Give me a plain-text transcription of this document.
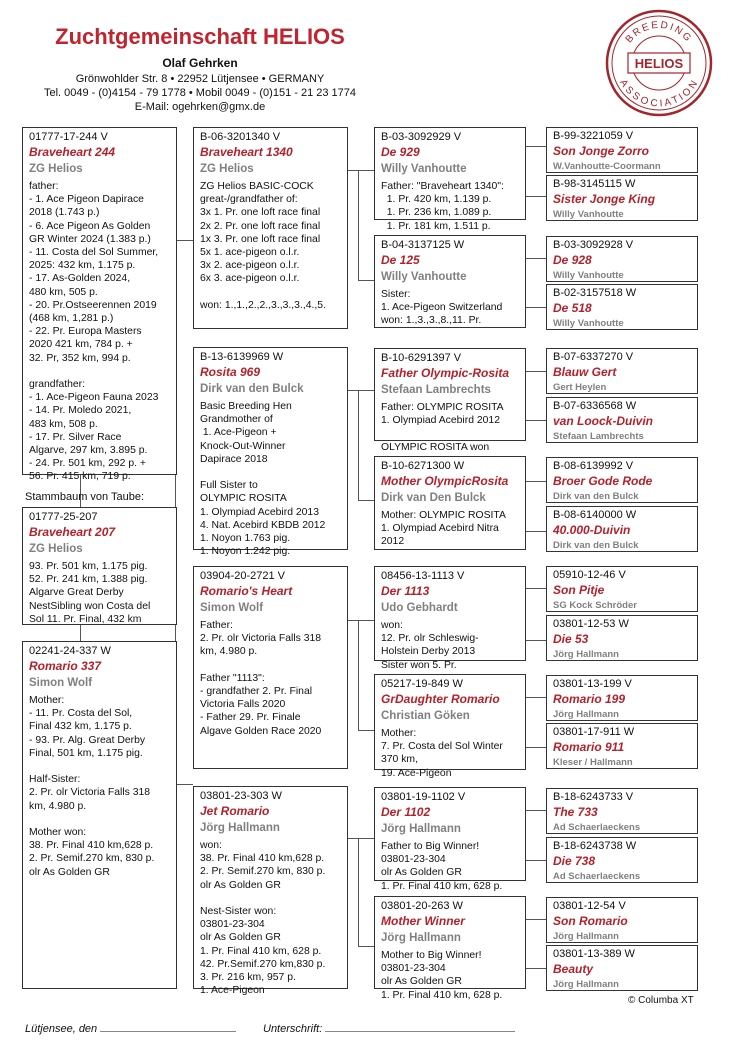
Zuchtgemeinschaft HELIOS
Olaf Gehrken
Grönwohlder Str. 8 • 22952 Lütjensee • GERMANY
Tel. 0049 - (0)4154 - 79 1778 • Mobil 0049 - (0)151 - 21 23 1774
E-Mail: ogehrken@gmx.de
BREEDING
HELIOS
ASSOCIATION
01777-17-244 V
Braveheart 244
ZG Helios
father:
- 1. Ace Pigeon Dapirace
2018 (1.743 p.)
- 6. Ace Pigeon As Golden
GR Winter 2024 (1.383 p.)
- 11. Costa del Sol Summer,
2025: 432 km, 1.175 p.
- 17. As-Golden 2024,
480 km, 505 p.
- 20. Pr.Ostseerennen 2019
(468 km, 1,281 p.)
- 22. Pr. Europa Masters
2020 421 km, 784 p. +
32. Pr, 352 km, 994 p.

grandfather:
- 1. Ace-Pigeon Fauna 2023
- 14. Pr. Moledo 2021,
483 km, 508 p.
- 17. Pr. Silver Race
Algarve, 297 km, 3.895 p.
- 24. Pr. 501 km, 292 p. +
56. Pr. 415 km, 719 p.
Stammbaum von Taube:
01777-25-207
Braveheart 207
ZG Helios
93. Pr. 501 km, 1.175 pig.
52. Pr. 241 km, 1.388 pig.
Algarve Great Derby
NestSibling won Costa del
Sol 11. Pr. Final, 432 km
02241-24-337 W
Romario 337
Simon Wolf
Mother:
- 11. Pr. Costa del Sol,
Final 432 km, 1.175 p.
- 93. Pr. Alg. Great Derby
Final, 501 km, 1.175 pig.

Half-Sister:
2. Pr. olr Victoria Falls 318
km, 4.980 p.

Mother won:
38. Pr. Final 410 km,628 p.
2. Pr. Semif.270 km, 830 p.
olr As Golden GR
B-06-3201340 V
Braveheart 1340
ZG Helios
ZG Helios BASIC-COCK
great-/grandfather of:
3x 1. Pr. one loft race final
2x 2. Pr. one loft race final
1x 3. Pr. one loft race final
5x 1. ace-pigeon o.l.r.
3x 2. ace-pigeon o.l.r.
6x 3. ace-pigeon o.l.r.

won: 1.,1.,2.,2.,3.,3.,3.,4.,5.
B-13-6139969 W
Rosita 969
Dirk van den Bulck
Basic Breeding Hen
Grandmother of
1. Ace-Pigeon +
Knock-Out-Winner
Dapirace 2018

Full Sister to
OLYMPIC ROSITA
1. Olympiad Acebird 2013
4. Nat. Acebird KBDB 2012
1. Noyon 1.763 pig.
1. Noyon 1.242 pig.
03904-20-2721 V
Romario's Heart
Simon Wolf
Father:
2. Pr. olr Victoria Falls 318
km, 4.980 p.

Father "1113":
- grandfather 2. Pr. Final
Victoria Falls 2020
- Father 29. Pr. Finale
Algave Golden Race 2020
03801-23-303 W
Jet Romario
Jörg Hallmann
won:
38. Pr. Final 410 km,628 p.
2. Pr. Semif.270 km, 830 p.
olr As Golden GR

Nest-Sister won:
03801-23-304
olr As Golden GR
1. Pr. Final 410 km, 628 p.
42. Pr.Semif.270 km,830 p.
3. Pr. 216 km, 957 p.
1. Ace-Pigeon
B-03-3092929 V
De 929
Willy Vanhoutte
Father: "Braveheart 1340":
1. Pr. 420 km, 1.139 p.
1. Pr. 236 km, 1.089 p.
1. Pr. 181 km, 1.511 p.
B-04-3137125 W
De 125
Willy Vanhoutte
Sister:
1. Ace-Pigeon Switzerland
won: 1.,3.,3.,8.,11. Pr.
B-10-6291397 V
Father Olympic-Rosita
Stefaan Lambrechts
Father: OLYMPIC ROSITA
1. Olympiad Acebird 2012

OLYMPIC ROSITA won
B-10-6271300 W
Mother OlympicRosita
Dirk van Den Bulck
Mother: OLYMPIC ROSITA
1. Olympiad Acebird Nitra
2012
08456-13-1113 V
Der 1113
Udo Gebhardt
won:
12. Pr. olr Schleswig-
Holstein Derby 2013
Sister won 5. Pr.
05217-19-849 W
GrDaughter Romario
Christian Göken
Mother:
7. Pr. Costa del Sol Winter
370 km,
19. Ace-Pigeon
03801-19-1102 V
Der 1102
Jörg Hallmann
Father to Big Winner!
03801-23-304
olr As Golden GR
1. Pr. Final 410 km, 628 p.
03801-20-263 W
Mother Winner
Jörg Hallmann
Mother to Big Winner!
03801-23-304
olr As Golden GR
1. Pr. Final 410 km, 628 p.
B-99-3221059 V
Son Jonge Zorro
W.Vanhoutte-Coormann
B-98-3145115 W
Sister Jonge King
Willy Vanhoutte
B-03-3092928 V
De 928
Willy Vanhoutte
B-02-3157518 W
De 518
Willy Vanhoutte
B-07-6337270 V
Blauw Gert
Gert Heylen
B-07-6336568 W
van Loock-Duivin
Stefaan Lambrechts
B-08-6139992 V
Broer Gode Rode
Dirk van den Bulck
B-08-6140000 W
40.000-Duivin
Dirk van den Bulck
05910-12-46 V
Son Pitje
SG Kock Schröder
03801-12-53 W
Die 53
Jörg Hallmann
03801-13-199 V
Romario 199
Jörg Hallmann
03801-17-911 W
Romario 911
Kleser / Hallmann
B-18-6243733 V
The 733
Ad Schaerlaeckens
B-18-6243738 W
Die 738
Ad Schaerlaeckens
03801-12-54 V
Son Romario
Jörg Hallmann
03801-13-389 W
Beauty
Jörg Hallmann
© Columba XT
Lütjensee, den	Unterschrift:
